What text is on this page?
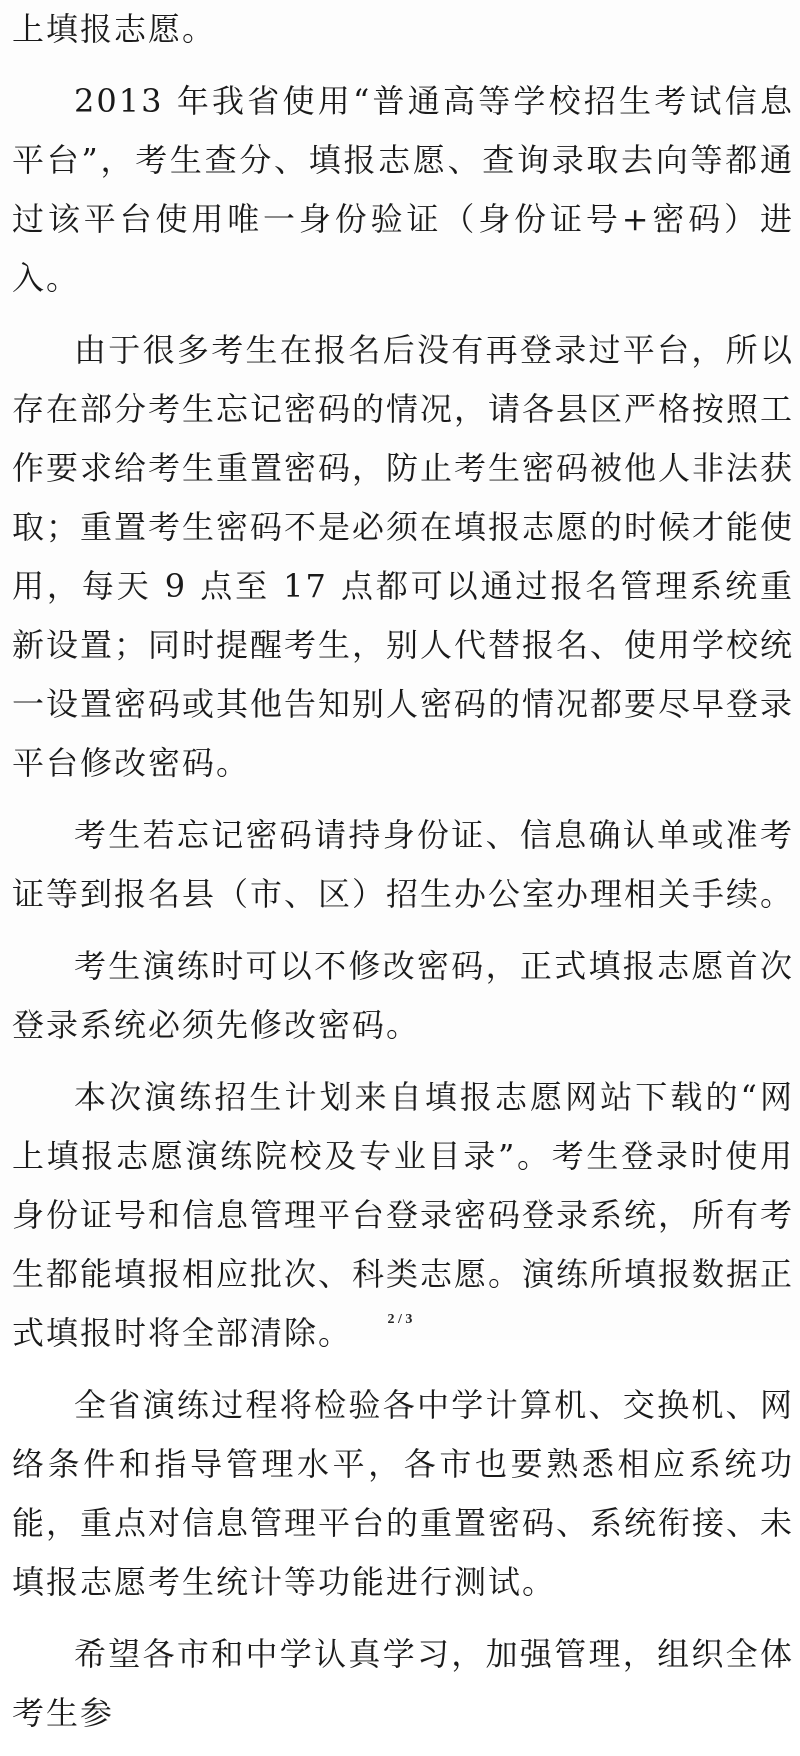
上填报志愿。

2013 年我省使用“普通高等学校招生考试信息平台”，考生查分、填报志愿、查询录取去向等都通过该平台使用唯一身份验证（身份证号+密码）进入。

由于很多考生在报名后没有再登录过平台，所以存在部分考生忘记密码的情况，请各县区严格按照工作要求给考生重置密码，防止考生密码被他人非法获取；重置考生密码不是必须在填报志愿的时候才能使用，每天 9 点至 17 点都可以通过报名管理系统重新设置；同时提醒考生，别人代替报名、使用学校统一设置密码或其他告知别人密码的情况都要尽早登录平台修改密码。

考生若忘记密码请持身份证、信息确认单或准考证等到报名县（市、区）招生办公室办理相关手续。

考生演练时可以不修改密码，正式填报志愿首次登录系统必须先修改密码。

本次演练招生计划来自填报志愿网站下载的“网上填报志愿演练院校及专业目录”。考生登录时使用身份证号和信息管理平台登录密码登录系统，所有考生都能填报相应批次、科类志愿。演练所填报数据正式填报时将全部清除。

全省演练过程将检验各中学计算机、交换机、网络条件和指导管理水平，各市也要熟悉相应系统功能，重点对信息管理平台的重置密码、系统衔接、未填报志愿考生统计等功能进行测试。

希望各市和中学认真学习，加强管理，组织全体考生参

2 / 3
